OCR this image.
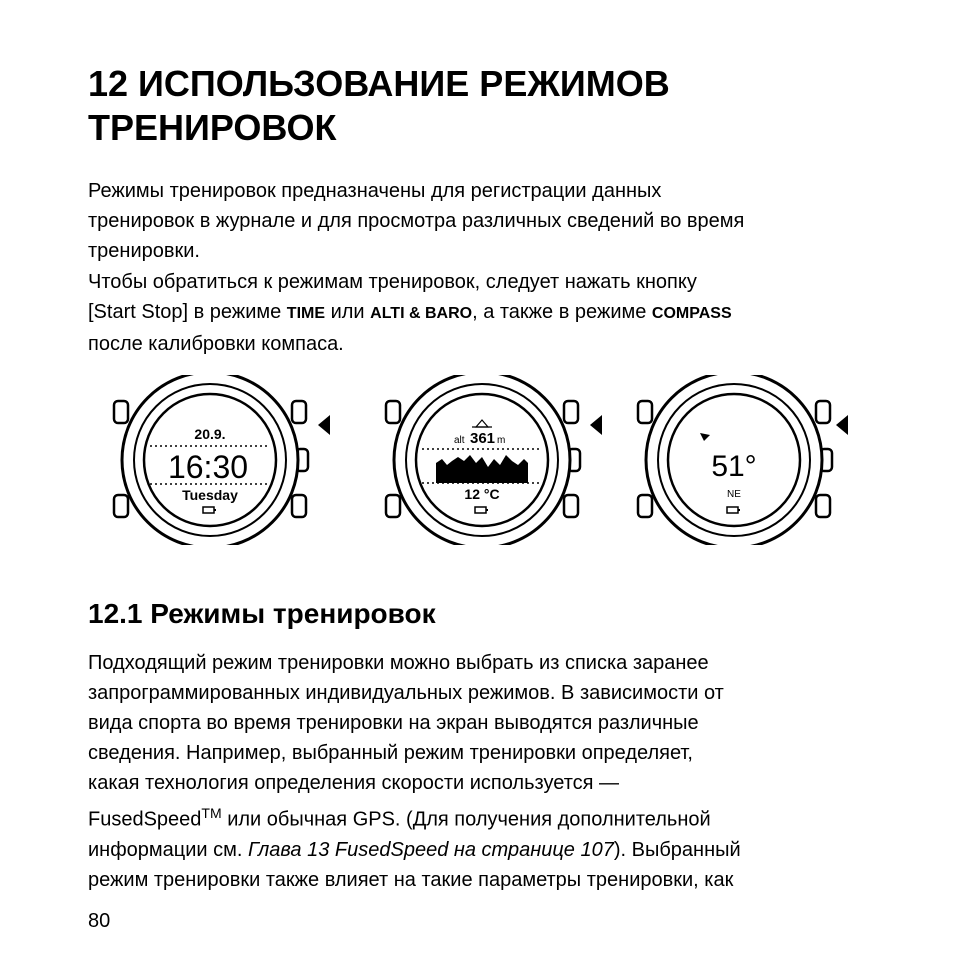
12 ИСПОЛЬЗОВАНИЕ РЕЖИМОВ
ТРЕНИРОВОК
Режимы тренировок предназначены для регистрации данных
тренировок в журнале и для просмотра различных сведений во время
тренировки.
Чтобы обратиться к режимам тренировок, следует нажать кнопку
[Start Stop] в режиме TIME или ALTI & BARO, а также в режиме COMPASS
после калибровки компаса.
20.9.
16:30
Tuesday
alt 361 m
12 °C
51°
NE
12.1 Режимы тренировок
Подходящий режим тренировки можно выбрать из списка заранее
запрограммированных индивидуальных режимов. В зависимости от
вида спорта во время тренировки на экран выводятся различные
сведения. Например, выбранный режим тренировки определяет,
какая технология определения скорости используется —
FusedSpeed™ или обычная GPS. (Для получения дополнительной
информации см. Глава 13 FusedSpeed на странице 107). Выбранный
режим тренировки также влияет на такие параметры тренировки, как
80
